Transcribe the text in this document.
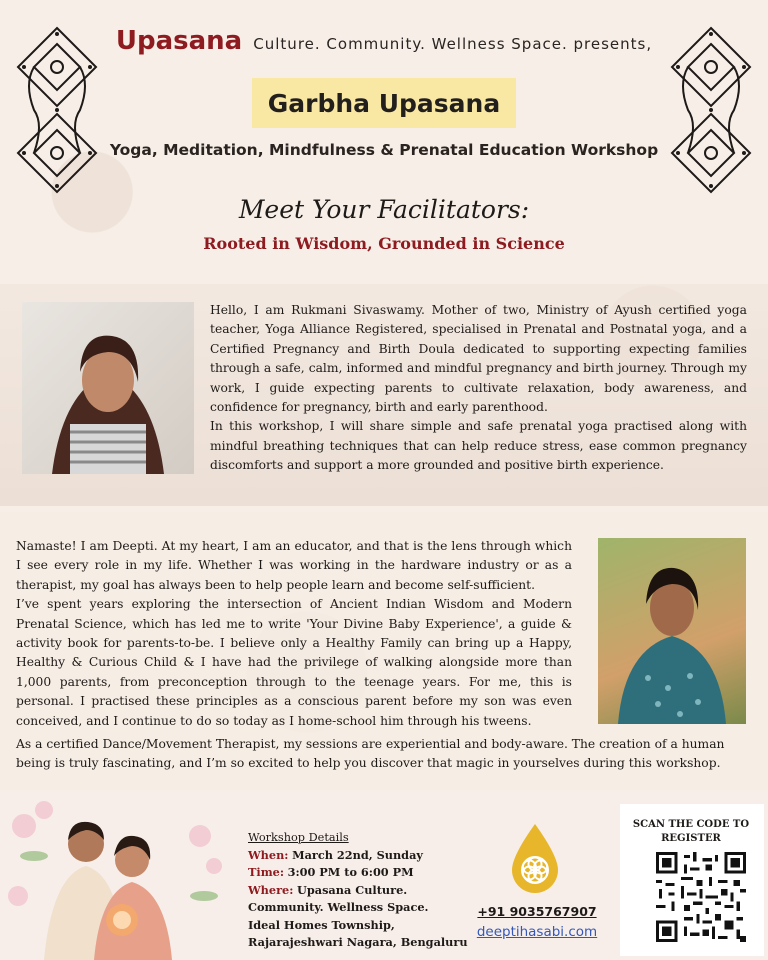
Upasana Culture. Community. Wellness Space. presents,
Garbha Upasana
Yoga, Meditation, Mindfulness & Prenatal Education Workshop
Meet Your Facilitators:
Rooted in Wisdom, Grounded in Science

Hello, I am Rukmani Sivaswamy. Mother of two, Ministry of Ayush certified yoga teacher, Yoga Alliance Registered, specialised in Prenatal and Postnatal yoga, and a Certified Pregnancy and Birth Doula dedicated to supporting expecting families through a safe, calm, informed and mindful pregnancy and birth journey. Through my work, I guide expecting parents to cultivate relaxation, body awareness, and confidence for pregnancy, birth and early parenthood.

In this workshop, I will share simple and safe prenatal yoga practised along with mindful breathing techniques that can help reduce stress, ease common pregnancy discomforts and support a more grounded and positive birth experience.

Namaste! I am Deepti. At my heart, I am an educator, and that is the lens through which I see every role in my life. Whether I was working in the hardware industry or as a therapist, my goal has always been to help people learn and become self-sufficient.

I’ve spent years exploring the intersection of Ancient Indian Wisdom and Modern Prenatal Science, which has led me to write 'Your Divine Baby Experience', a guide & activity book for parents-to-be. I believe only a Healthy Family can bring up a Happy, Healthy & Curious Child & I have had the privilege of walking alongside more than 1,000 parents, from preconception through to the teenage years. For me, this is personal. I practised these principles as a conscious parent before my son was even conceived, and I continue to do so today as I home-school him through his tweens.

As a certified Dance/Movement Therapist, my sessions are experiential and body-aware. The creation of a human being is truly fascinating, and I’m so excited to help you discover that magic in yourselves during this workshop.
Workshop Details
When: March 22nd, Sunday
Time: 3:00 PM to 6:00 PM
Where: Upasana Culture. Community. Wellness Space.
Ideal Homes Township,
Rajarajeshwari Nagara, Bengaluru
+91 9035767907
deeptihasabi.com
SCAN THE CODE TO REGISTER
